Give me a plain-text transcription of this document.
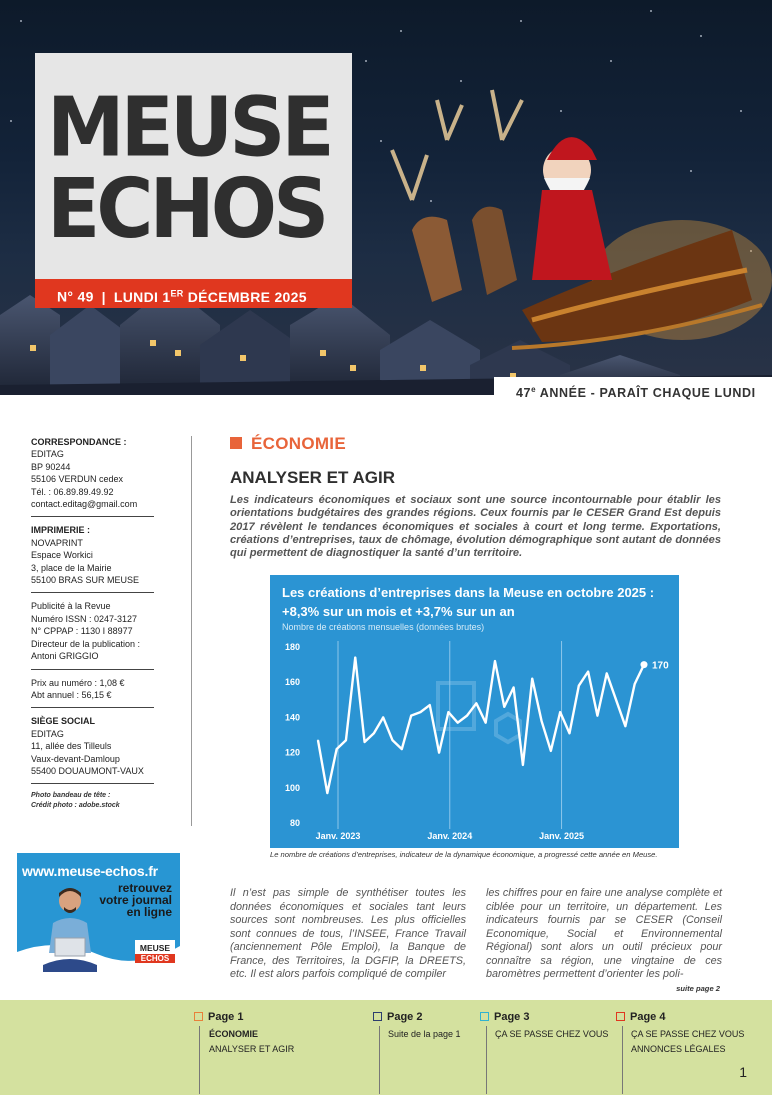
MEUSE
ECHOS
N° 49 | LUNDI 1ER DÉCEMBRE 2025
47e ANNÉE - PARAÎT CHAQUE LUNDI
CORRESPONDANCE :
EDITAG
BP 90244
55106 VERDUN cedex
Tél. : 06.89.89.49.92
contact.editag@gmail.com
IMPRIMERIE :
NOVAPRINT
Espace Workici
3, place de la Mairie
55100 BRAS SUR MEUSE
Publicité à la Revue
Numéro ISSN : 0247-3127
N° CPPAP : 1130 I 88977
Directeur de la publication :
Antoni GRIGGIO
Prix au numéro : 1,08 €
Abt annuel : 56,15 €
SIÈGE SOCIAL
EDITAG
11, allée des Tilleuls
Vaux-devant-Damloup
55400 DOUAUMONT-VAUX
Photo bandeau de tête :
Crédit photo : adobe.stock
www.meuse-echos.fr
retrouvez
votre journal
en ligne
MEUSE
ECHOS
ÉCONOMIE
ANALYSER ET AGIR
Les indicateurs économiques et sociaux sont une source incontournable pour établir les orientations budgétaires des grandes régions. Ceux fournis par le CESER Grand Est depuis 2017 révèlent le tendances économiques et sociales à court et long terme. Exportations, créations d’entreprises, taux de chômage, évolution démographique sont autant de données qui permettent de diagnostiquer la santé d’un territoire.
Les créations d’entreprises dans la Meuse en octobre 2025 :
+8,3% sur un mois et +3,7% sur un an
Nombre de créations mensuelles (données brutes)
80
100
120
140
160
180
Janv. 2023	Janv. 2024	Janv. 2025
170
Le nombre de créations d’entreprises, indicateur de la dynamique économique, a progressé cette année en Meuse.
Il n’est pas simple de synthétiser toutes les données économiques et sociales tant leurs sources sont nombreuses. Les plus officielles sont connues de tous, l’INSEE, France Travail (anciennement Pôle Emploi), la Banque de France, des Territoires, la DGFIP, la DREETS, etc. Il est alors parfois compliqué de compiler
les chiffres pour en faire une analyse complète et ciblée pour un territoire, un département. Les indicateurs fournis par se CESER (Conseil Economique, Social et Environnemental Régional) sont alors un outil précieux pour connaître sa région, une vingtaine de ces baromètres permettent d’orienter les poli-
suite page 2
Page 1
ÉCONOMIE
ANALYSER ET AGIR
Page 2
Suite de la page 1
Page 3
ÇA SE PASSE CHEZ VOUS
Page 4
ÇA SE PASSE CHEZ VOUS
ANNONCES LÉGALES
1
